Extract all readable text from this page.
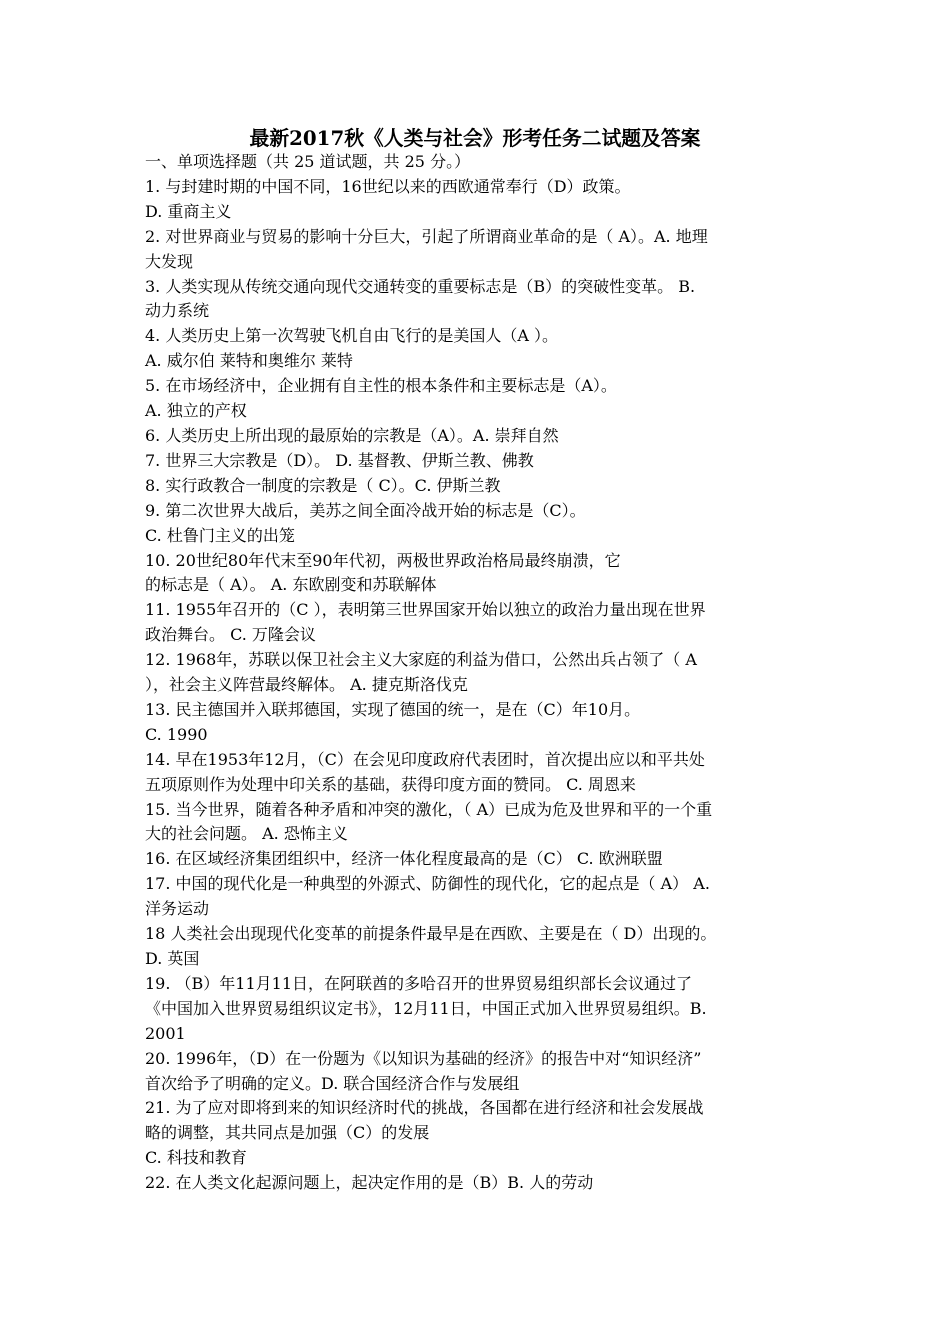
最新2017秋《人类与社会》形考任务二试题及答案
一、单项选择题（共 25 道试题，共 25 分。）
1. 与封建时期的中国不同，16世纪以来的西欧通常奉行（D）政策。
D. 重商主义
2. 对世界商业与贸易的影响十分巨大，引起了所谓商业革命的是（ A）。A. 地理
大发现
3. 人类实现从传统交通向现代交通转变的重要标志是（B）的突破性变革。 B.
动力系统
4. 人类历史上第一次驾驶飞机自由飞行的是美国人（A ）。
A. 威尔伯 莱特和奥维尔 莱特
5. 在市场经济中，企业拥有自主性的根本条件和主要标志是（A）。
A. 独立的产权
6. 人类历史上所出现的最原始的宗教是（A）。A. 崇拜自然
7. 世界三大宗教是（D）。 D. 基督教、伊斯兰教、佛教
8. 实行政教合一制度的宗教是（ C）。C. 伊斯兰教
9. 第二次世界大战后，美苏之间全面冷战开始的标志是（C）。
C. 杜鲁门主义的出笼
10. 20世纪80年代末至90年代初，两极世界政治格局最终崩溃，它
的标志是（ A）。 A. 东欧剧变和苏联解体
11. 1955年召开的（C ），表明第三世界国家开始以独立的政治力量出现在世界
政治舞台。 C. 万隆会议
12. 1968年，苏联以保卫社会主义大家庭的利益为借口，公然出兵占领了（ A
），社会主义阵营最终解体。 A. 捷克斯洛伐克
13. 民主德国并入联邦德国，实现了德国的统一，是在（C）年10月。
C. 1990
14. 早在1953年12月，（C）在会见印度政府代表团时，首次提出应以和平共处
五项原则作为处理中印关系的基础，获得印度方面的赞同。 C. 周恩来
15. 当今世界，随着各种矛盾和冲突的激化，（ A）已成为危及世界和平的一个重
大的社会问题。 A. 恐怖主义
16. 在区域经济集团组织中，经济一体化程度最高的是（C） C. 欧洲联盟
17. 中国的现代化是一种典型的外源式、防御性的现代化，它的起点是（ A） A.
洋务运动
18 人类社会出现现代化变革的前提条件最早是在西欧、主要是在（ D）出现的。
D. 英国
19. （B）年11月11日，在阿联酋的多哈召开的世界贸易组织部长会议通过了
《中国加入世界贸易组织议定书》，12月11日，中国正式加入世界贸易组织。B.
2001
20. 1996年，（D）在一份题为《以知识为基础的经济》的报告中对“知识经济”
首次给予了明确的定义。D. 联合国经济合作与发展组
21. 为了应对即将到来的知识经济时代的挑战，各国都在进行经济和社会发展战
略的调整，其共同点是加强（C）的发展
C. 科技和教育
22. 在人类文化起源问题上，起决定作用的是（B）B. 人的劳动
